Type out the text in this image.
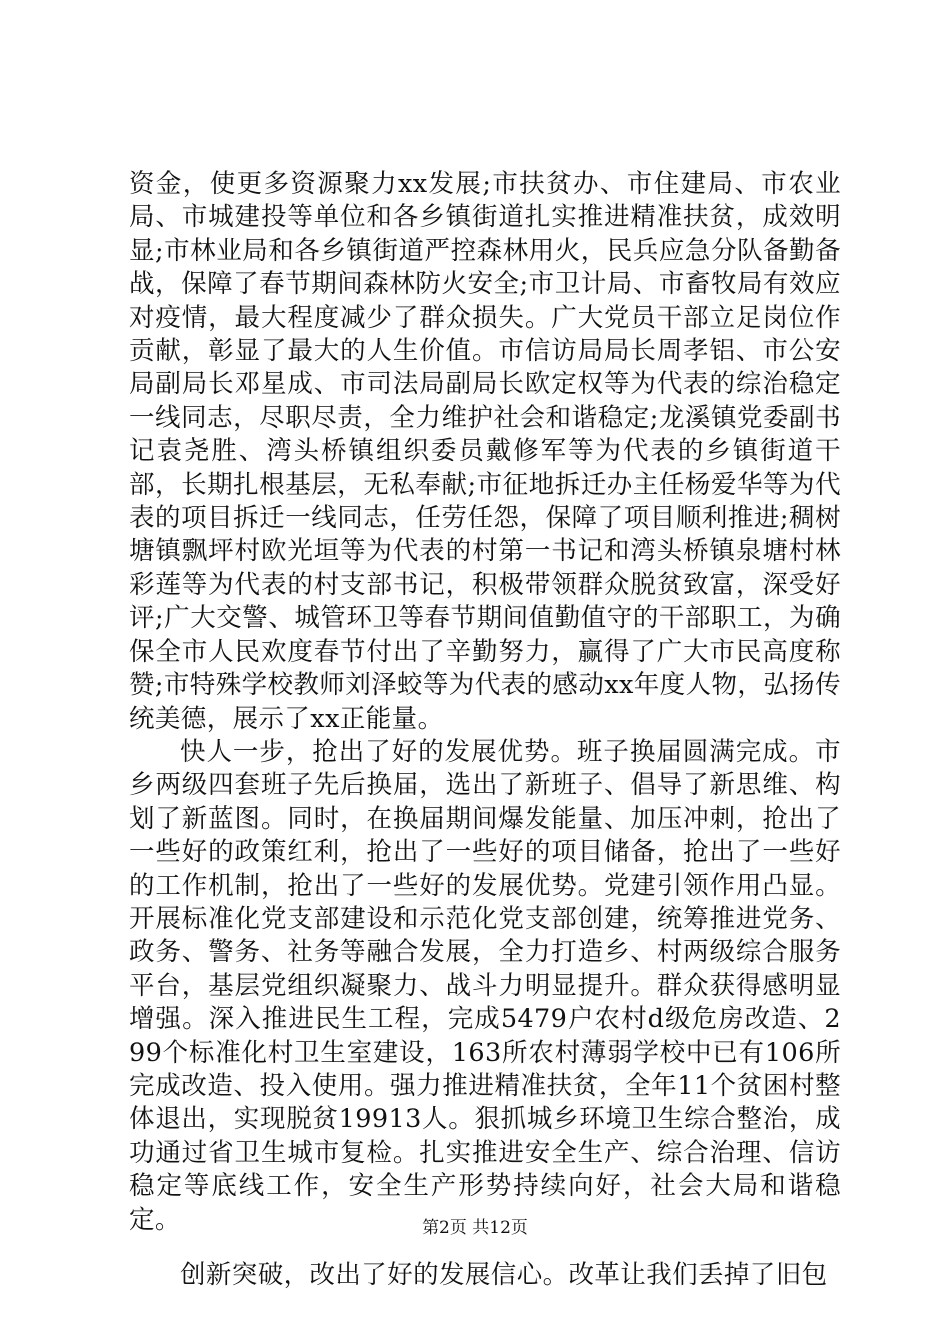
资金，使更多资源聚力xx发展;市扶贫办、市住建局、市农业局、市城建投等单位和各乡镇街道扎实推进精准扶贫，成效明显;市林业局和各乡镇街道严控森林用火，民兵应急分队备勤备战，保障了春节期间森林防火安全;市卫计局、市畜牧局有效应对疫情，最大程度减少了群众损失。广大党员干部立足岗位作贡献，彰显了最大的人生价值。市信访局局长周孝铝、市公安局副局长邓星成、市司法局副局长欧定权等为代表的综治稳定一线同志，尽职尽责，全力维护社会和谐稳定;龙溪镇党委副书记袁尧胜、湾头桥镇组织委员戴修军等为代表的乡镇街道干部，长期扎根基层，无私奉献;市征地拆迁办主任杨爱华等为代表的项目拆迁一线同志，任劳任怨，保障了项目顺利推进;稠树塘镇飘坪村欧光垣等为代表的村第一书记和湾头桥镇泉塘村林彩莲等为代表的村支部书记，积极带领群众脱贫致富，深受好评;广大交警、城管环卫等春节期间值勤值守的干部职工，为确保全市人民欢度春节付出了辛勤努力，赢得了广大市民高度称赞;市特殊学校教师刘泽蛟等为代表的感动xx年度人物，弘扬传统美德，展示了xx正能量。

快人一步，抢出了好的发展优势。班子换届圆满完成。市乡两级四套班子先后换届，选出了新班子、倡导了新思维、构划了新蓝图。同时，在换届期间爆发能量、加压冲刺，抢出了一些好的政策红利，抢出了一些好的项目储备，抢出了一些好的工作机制，抢出了一些好的发展优势。党建引领作用凸显。开展标准化党支部建设和示范化党支部创建，统筹推进党务、政务、警务、社务等融合发展，全力打造乡、村两级综合服务平台，基层党组织凝聚力、战斗力明显提升。群众获得感明显增强。深入推进民生工程，完成5479户农村d级危房改造、299个标准化村卫生室建设，163所农村薄弱学校中已有106所完成改造、投入使用。强力推进精准扶贫，全年11个贫困村整体退出，实现脱贫19913人。狠抓城乡环境卫生综合整治，成功通过省卫生城市复检。扎实推进安全生产、综合治理、信访稳定等底线工作，安全生产形势持续向好，社会大局和谐稳定。

创新突破，改出了好的发展信心。改革让我们丢掉了旧包

第2页 共12页
